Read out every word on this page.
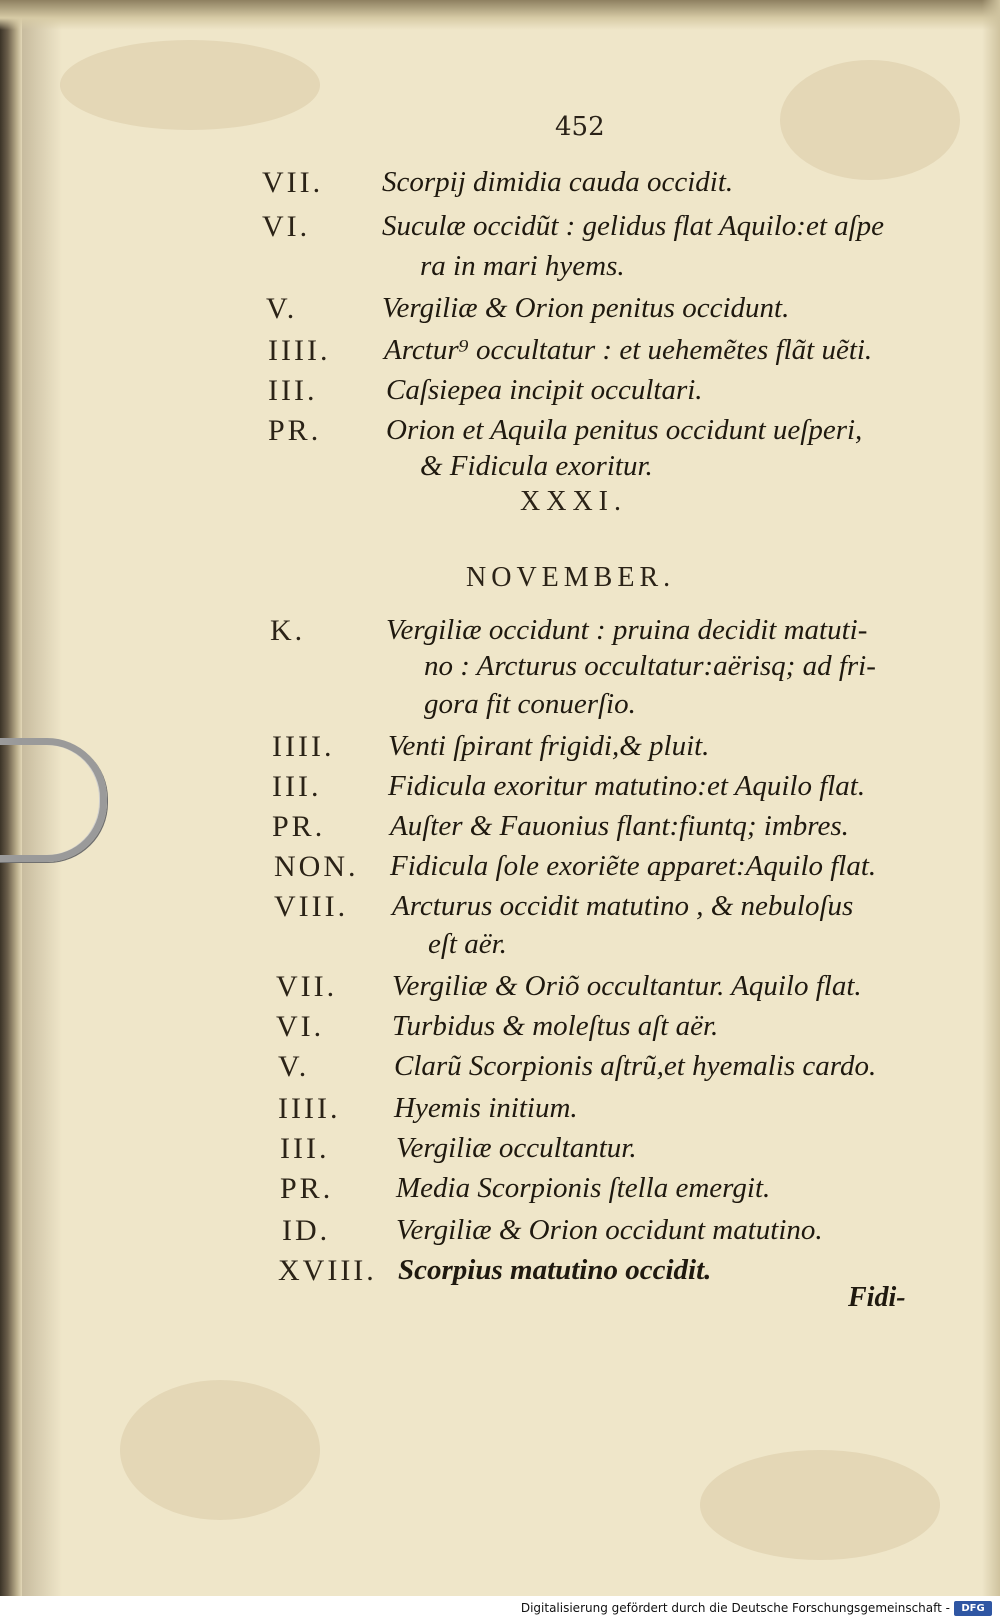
452
VII. Scorpij dimidia cauda occidit.
VI. Suculæ occidũt : gelidus flat Aquilo:et aſpe
ra in mari hyems.
V.	Vergiliæ & Orion penitus occidunt.
IIII. Arctur⁹ occultatur : et uehemẽtes flãt uẽti.
III. Caſsiepea incipit occultari.
PR. Orion et Aquila penitus occidunt ueſperi,
& Fidicula exoritur.
XXXI.
NOVEMBER.
K.	Vergiliæ occidunt : pruina decidit matuti-
no : Arcturus occultatur:aërisq; ad fri-
gora fit conuerſio.
IIII. Venti ſpirant frigidi,& pluit.
III. Fidicula exoritur matutino:et Aquilo flat.
PR. Auſter & Fauonius flant:fiuntq; imbres.
NON. Fidicula ſole exoriẽte apparet:Aquilo flat.
VIII. Arcturus occidit matutino , & nebuloſus
eſt aër.
VII. Vergiliæ & Oriõ occultantur. Aquilo flat.
VI. Turbidus & moleſtus aſt aër.
V.	Clarũ Scorpionis aſtrũ,et hyemalis cardo.
IIII. Hyemis initium.
III. Vergiliæ occultantur.
PR. Media Scorpionis ſtella emergit.
ID. Vergiliæ & Orion occidunt matutino.
XVIII. Scorpius matutino occidit.
Fidi-
Digitalisierung gefördert durch die Deutsche Forschungsgemeinschaft -	DFG
